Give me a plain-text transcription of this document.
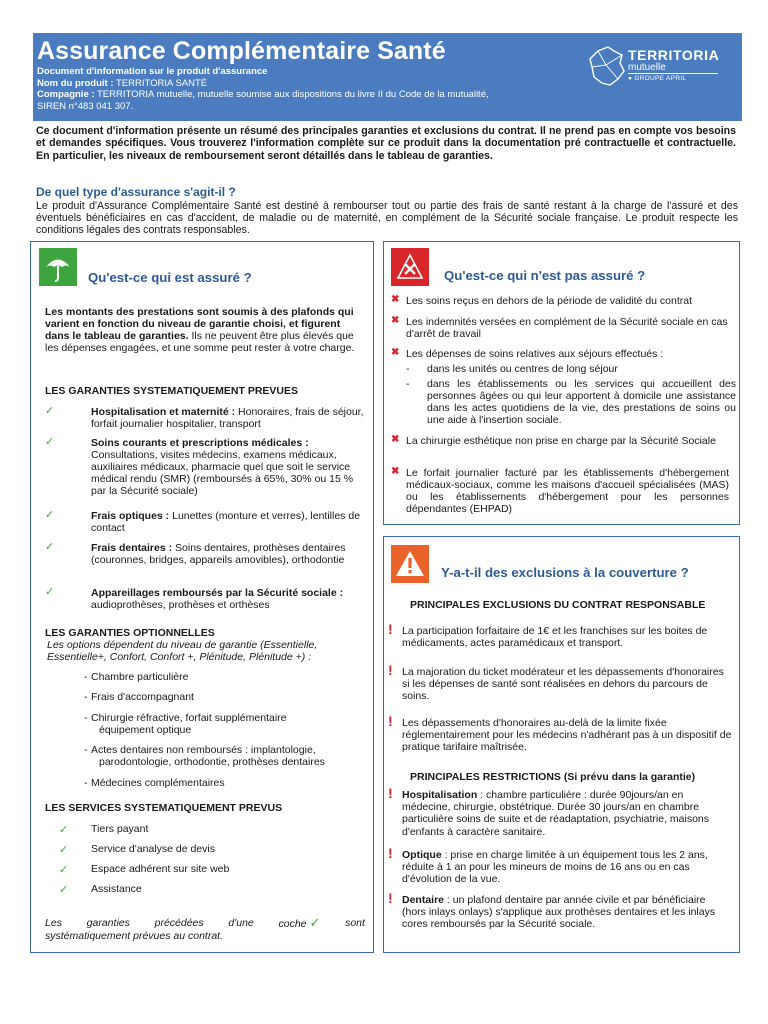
Assurance Complémentaire Santé
Document d'information sur le produit d'assurance
Nom du produit : TERRITORIA SANTÉ
Compagnie : TERRITORIA mutuelle, mutuelle soumise aux dispositions du livre II du Code de la mutualité,
SIREN n°483 041 307.
TERRITORIA
mutuelle
● GROUPE APRIL
Ce document d'information présente un résumé des principales garanties et exclusions du contrat. Il ne prend pas en compte vos besoins et demandes spécifiques. Vous trouverez l'information complète sur ce produit dans la documentation pré contractuelle et contractuelle. En particulier, les niveaux de remboursement seront détaillés dans le tableau de garanties.
De quel type d'assurance s'agit-il ?
Le produit d'Assurance Complémentaire Santé est destiné à rembourser tout ou partie des frais de santé restant à la charge de l'assuré et des éventuels bénéficiaires en cas d'accident, de maladie ou de maternité, en complément de la Sécurité sociale française. Le produit respecte les conditions légales des contrats responsables.
Qu'est-ce qui est assuré ?
Les montants des prestations sont soumis à des plafonds qui varient en fonction du niveau de garantie choisi, et figurent dans le tableau de garanties. Ils ne peuvent être plus élevés que les dépenses engagées, et une somme peut rester à votre charge.
LES GARANTIES SYSTEMATIQUEMENT PREVUES
✓	Hospitalisation et maternité : Honoraires, frais de séjour, forfait journalier hospitalier, transport
✓	Soins courants et prescriptions médicales : Consultations, visites médecins, examens médicaux, auxiliaires médicaux, pharmacie quel que soit le service médical rendu (SMR) (remboursés à 65%, 30% ou 15 % par la Sécurité sociale)
✓	Frais optiques : Lunettes (monture et verres), lentilles de contact
✓	Frais dentaires : Soins dentaires, prothèses dentaires (couronnes, bridges, appareils amovibles), orthodontie
✓	Appareillages remboursés par la Sécurité sociale : audioprothèses, prothèses et orthèses
LES GARANTIES OPTIONNELLES
Les options dépendent du niveau de garantie (Essentielle, Essentielle+, Confort, Confort +, Plénitude, Plénitude +) :
- Chambre particulière
- Frais d'accompagnant
- Chirurgie réfractive, forfait supplémentaire
équipement optique
- Actes dentaires non remboursés : implantologie,
parodontologie, orthodontie, prothèses dentaires
- Médecines complémentaires
LES SERVICES SYSTEMATIQUEMENT PREVUS
✓ Tiers payant
✓ Service d'analyse de devis
✓ Espace adhérent sur site web
✓ Assistance
Les garanties précédées d'une coche ✓ sont
systématiquement prévues au contrat.
Qu'est-ce qui n'est pas assuré ?
✖ Les soins reçus en dehors de la période de validité du contrat
✖ Les indemnités versées en complément de la Sécurité sociale en cas d'arrêt de travail
✖ Les dépenses de soins relatives aux séjours effectués :
-	dans les unités ou centres de long séjour
-	dans les établissements ou les services qui accueillent des personnes âgées ou qui leur apportent à domicile une assistance dans les actes quotidiens de la vie, des prestations de soins ou une aide à l'insertion sociale.
✖ La chirurgie esthétique non prise en charge par la Sécurité Sociale
✖ Le forfait journalier facturé par les établissements d'hébergement médicaux-sociaux, comme les maisons d'accueil spécialisées (MAS) ou les établissements d'hébergement pour les personnes dépendantes (EHPAD)
Y-a-t-il des exclusions à la couverture ?
PRINCIPALES EXCLUSIONS DU CONTRAT RESPONSABLE
! La participation forfaitaire de 1€ et les franchises sur les boites de médicaments, actes paramédicaux et transport.
! La majoration du ticket modérateur et les dépassements d'honoraires si les dépenses de santé sont réalisées en dehors du parcours de soins.
! Les dépassements d'honoraires au-delà de la limite fixée réglementairement pour les médecins n'adhérant pas à un dispositif de pratique tarifaire maîtrisée.
PRINCIPALES RESTRICTIONS (Si prévu dans la garantie)
! Hospitalisation : chambre particulière : durée 90jours/an en médecine, chirurgie, obstétrique. Durée 30 jours/an en chambre particulière soins de suite et de réadaptation, psychiatrie, maisons d'enfants à caractère sanitaire.
! Optique : prise en charge limitée à un équipement tous les 2 ans, réduite à 1 an pour les mineurs de moins de 16 ans ou en cas d'évolution de la vue.
! Dentaire : un plafond dentaire par année civile et par bénéficiaire (hors inlays onlays) s'applique aux prothèses dentaires et les inlays cores remboursés par la Sécurité sociale.
